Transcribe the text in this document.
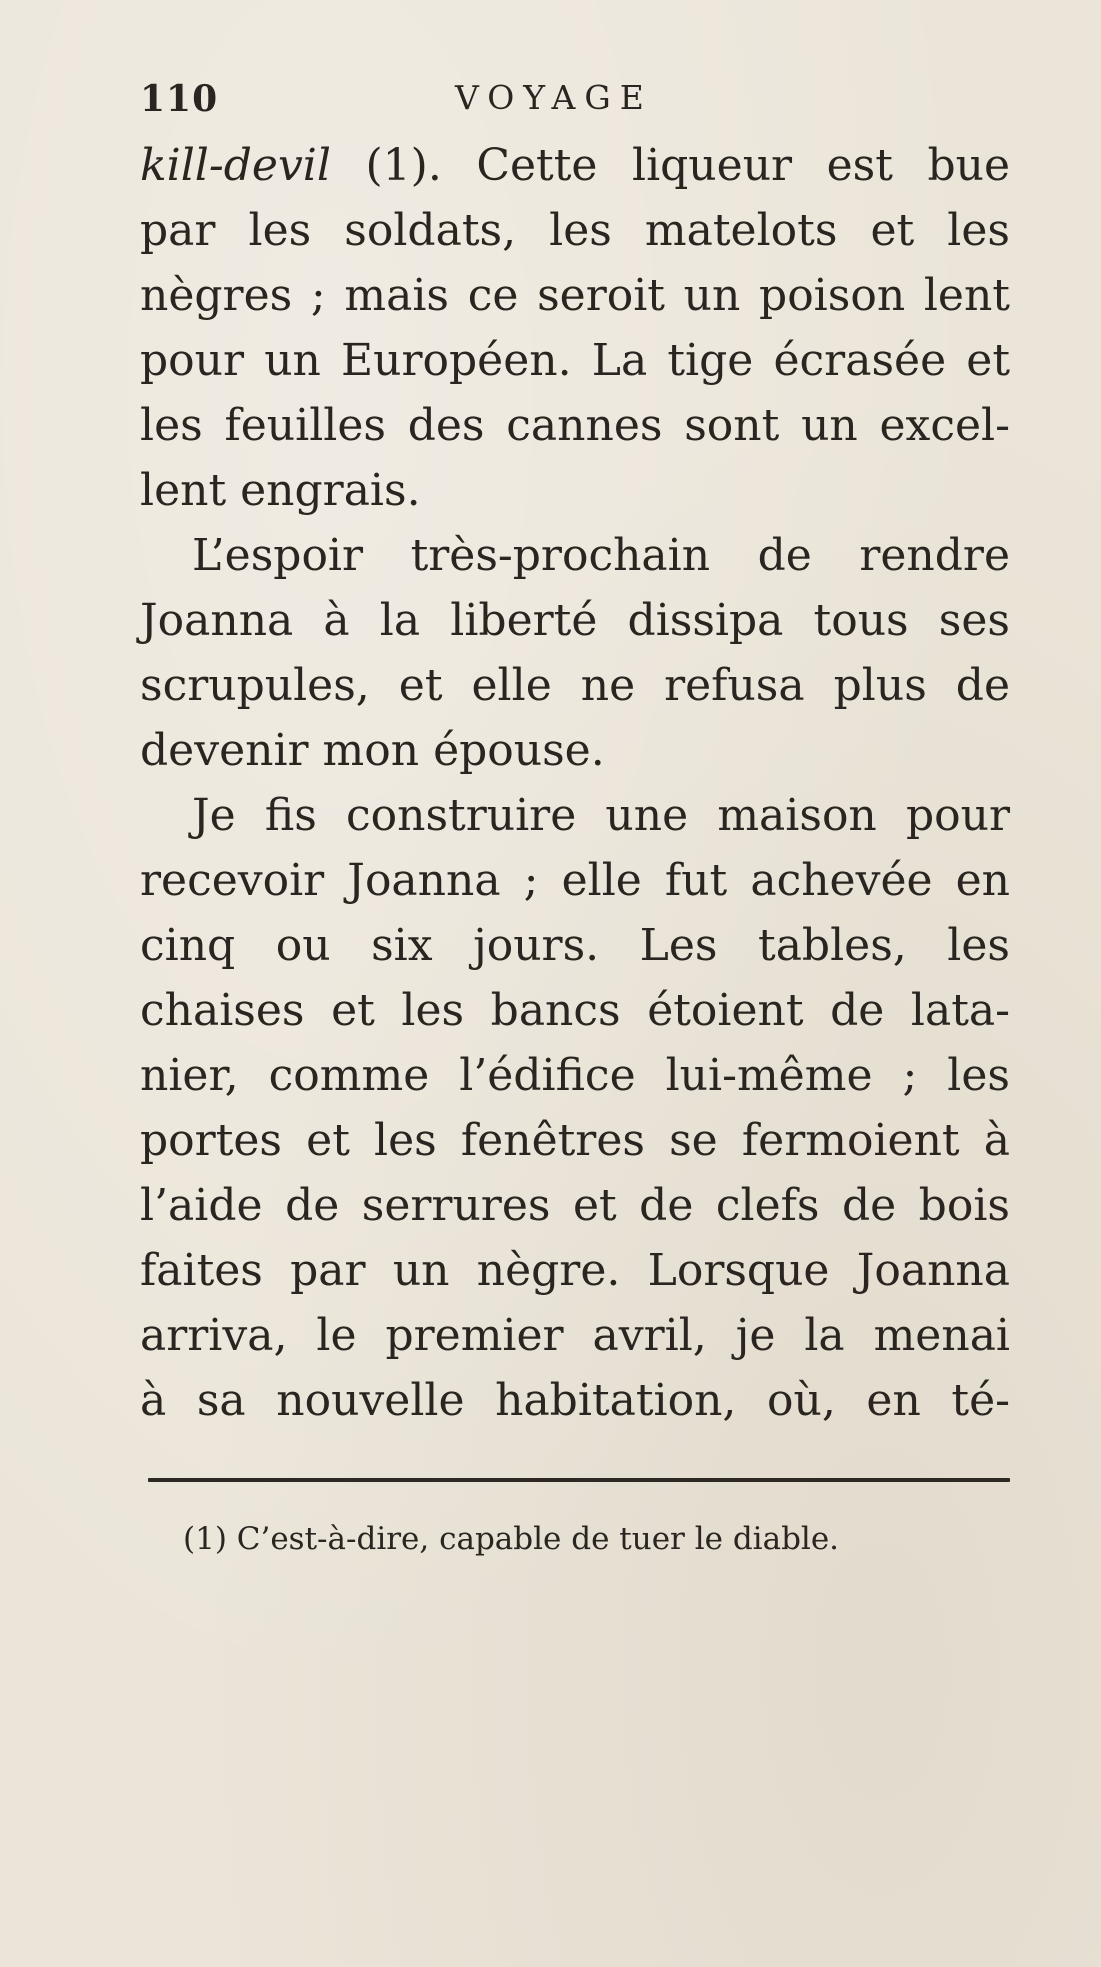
110	VOYAGE
kill-devil (1). Cette liqueur est bue
par les soldats, les matelots et les
nègres ; mais ce seroit un poison lent
pour un Européen. La tige écrasée et
les feuilles des cannes sont un excel-
lent engrais.
L’espoir très-prochain de rendre
Joanna à la liberté dissipa tous ses
scrupules, et elle ne refusa plus de
devenir mon épouse.
Je fis construire une maison pour
recevoir Joanna ; elle fut achevée en
cinq ou six jours. Les tables, les
chaises et les bancs étoient de lata-
nier, comme l’édifice lui-même ; les
portes et les fenêtres se fermoient à
l’aide de serrures et de clefs de bois
faites par un nègre. Lorsque Joanna
arriva, le premier avril, je la menai
à sa nouvelle habitation, où, en té-
(1) C’est-à-dire, capable de tuer le diable.
